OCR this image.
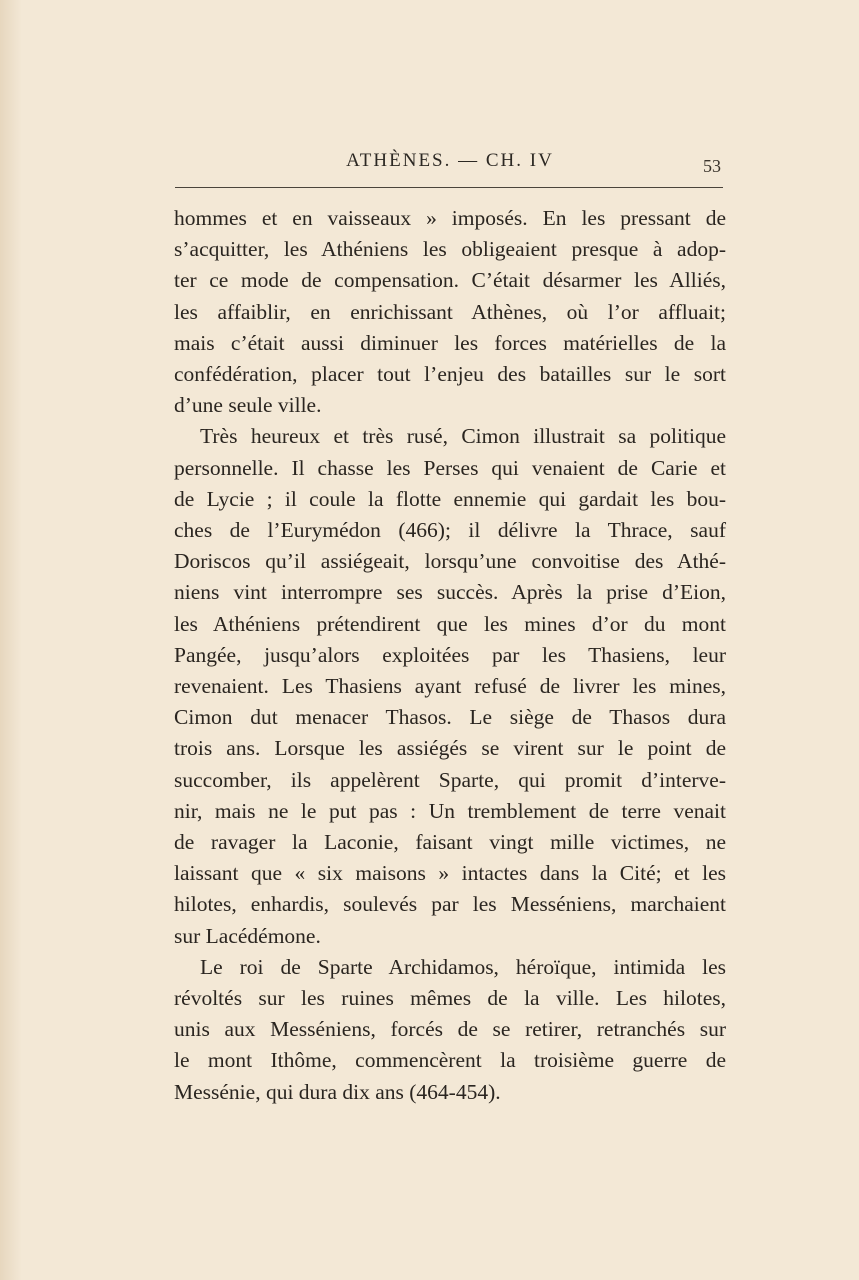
ATHÈNES. — CH. IV	53
hommes et en vaisseaux » imposés. En les pressant de
s’acquitter, les Athéniens les obligeaient presque à adop-
ter ce mode de compensation. C’était désarmer les Alliés,
les affaiblir, en enrichissant Athènes, où l’or affluait;
mais c’était aussi diminuer les forces matérielles de la
confédération, placer tout l’enjeu des batailles sur le sort
d’une seule ville.
Très heureux et très rusé, Cimon illustrait sa politique
personnelle. Il chasse les Perses qui venaient de Carie et
de Lycie ; il coule la flotte ennemie qui gardait les bou-
ches de l’Eurymédon (466); il délivre la Thrace, sauf
Doriscos qu’il assiégeait, lorsqu’une convoitise des Athé-
niens vint interrompre ses succès. Après la prise d’Eion,
les Athéniens prétendirent que les mines d’or du mont
Pangée, jusqu’alors exploitées par les Thasiens, leur
revenaient. Les Thasiens ayant refusé de livrer les mines,
Cimon dut menacer Thasos. Le siège de Thasos dura
trois ans. Lorsque les assiégés se virent sur le point de
succomber, ils appelèrent Sparte, qui promit d’interve-
nir, mais ne le put pas : Un tremblement de terre venait
de ravager la Laconie, faisant vingt mille victimes, ne
laissant que « six maisons » intactes dans la Cité; et les
hilotes, enhardis, soulevés par les Messéniens, marchaient
sur Lacédémone.
Le roi de Sparte Archidamos, héroïque, intimida les
révoltés sur les ruines mêmes de la ville. Les hilotes,
unis aux Messéniens, forcés de se retirer, retranchés sur
le mont Ithôme, commencèrent la troisième guerre de
Messénie, qui dura dix ans (464-454).
